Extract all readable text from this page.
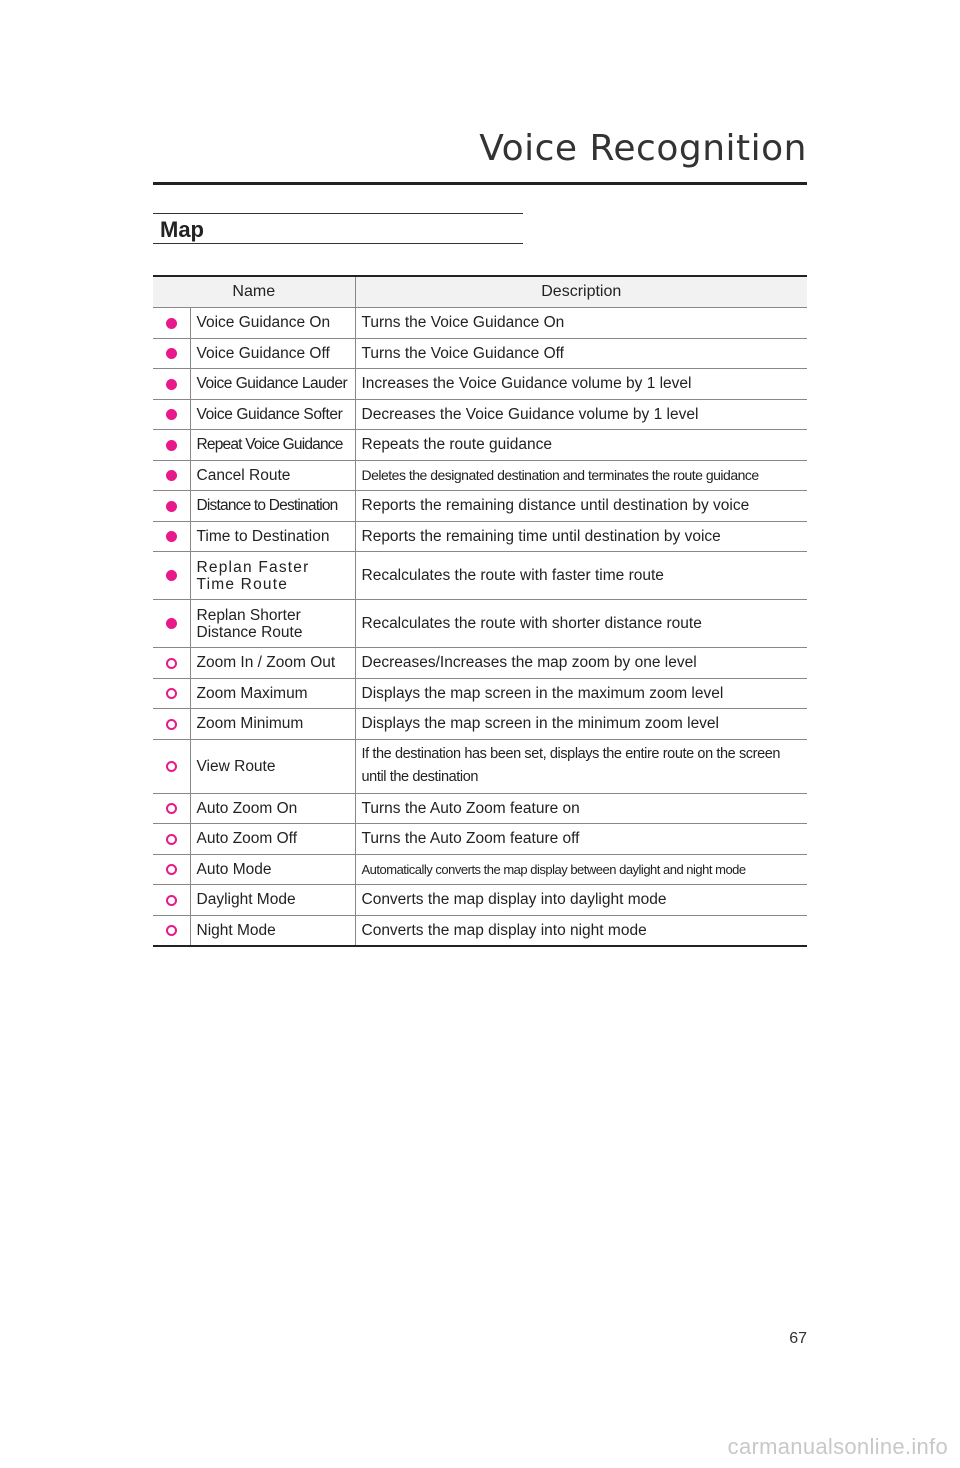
Voice Recognition
Map
Name		Description
	Voice Guidance On	Turns the Voice Guidance On
	Voice Guidance Off	Turns the Voice Guidance Off
	Voice Guidance Lauder	Increases the Voice Guidance volume by 1 level
	Voice Guidance Softer	Decreases the Voice Guidance volume by 1 level
	Repeat Voice Guidance	Repeats the route guidance
	Cancel Route	Deletes the designated destination and terminates the route guidance
	Distance to Destination	Reports the remaining distance until destination by voice
	Time to Destination	Reports the remaining time until destination by voice
	Replan Faster Time Route	Recalculates the route with faster time route
	Replan Shorter Distance Route	Recalculates the route with shorter distance route
	Zoom In / Zoom Out	Decreases/Increases the map zoom by one level
	Zoom Maximum	Displays the map screen in the maximum zoom level
	Zoom Minimum	Displays the map screen in the minimum zoom level
	View Route	If the destination has been set, displays the entire route on the screen until the destination
	Auto Zoom On	Turns the Auto Zoom feature on
	Auto Zoom Off	Turns the Auto Zoom feature off
	Auto Mode	Automatically converts the map display between daylight and night mode
	Daylight Mode	Converts the map display into daylight mode
	Night Mode	Converts the map display into night mode
67
carmanualsonline.info
